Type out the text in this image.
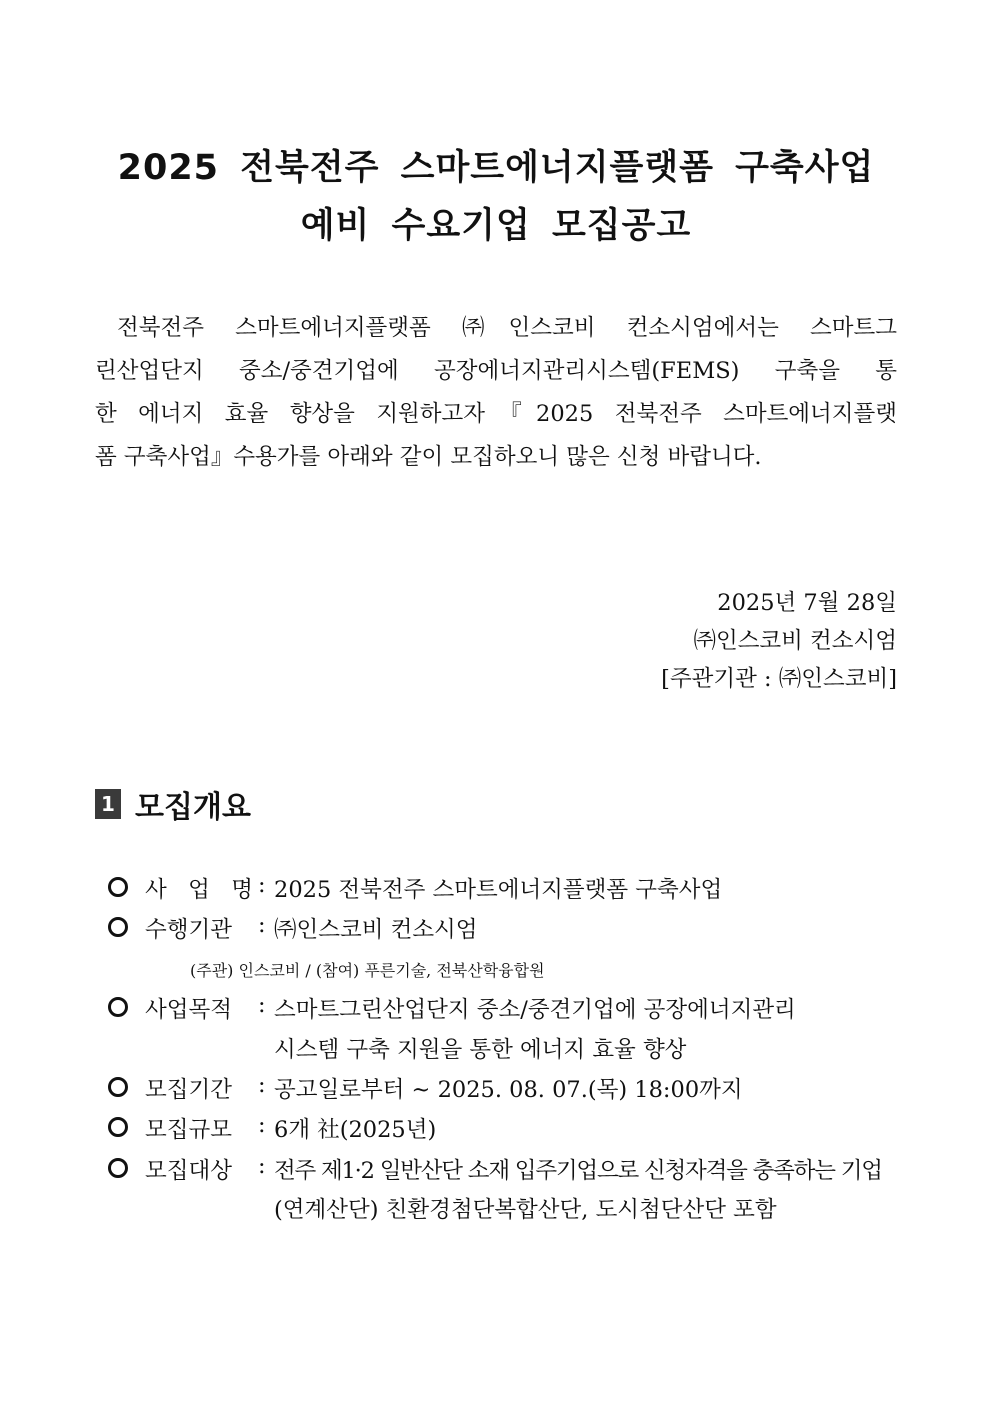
2025 전북전주 스마트에너지플랫폼 구축사업
예비 수요기업 모집공고
전북전주 스마트에너지플랫폼 ㈜인스코비 컨소시엄에서는 스마트그
린산업단지 중소/중견기업에 공장에너지관리시스템(FEMS) 구축을 통
한 에너지 효율 향상을 지원하고자『2025 전북전주 스마트에너지플랫
폼 구축사업』수용가를 아래와 같이 모집하오니 많은 신청 바랍니다.
2025년 7월 28일
㈜인스코비 컨소시엄
[주관기관 : ㈜인스코비]
1 모집개요
사 업 명 : 2025 전북전주 스마트에너지플랫폼 구축사업
수행기관	: ㈜인스코비 컨소시엄
(주관) 인스코비 / (참여) 푸른기술, 전북산학융합원
사업목적	: 스마트그린산업단지 중소/중견기업에 공장에너지관리
시스템 구축 지원을 통한 에너지 효율 향상
모집기간	: 공고일로부터 ~ 2025. 08. 07.(목) 18:00까지
모집규모	: 6개 社(2025년)
모집대상	: 전주 제1·2 일반산단 소재 입주기업으로 신청자격을 충족하는 기업
(연계산단) 친환경첨단복합산단, 도시첨단산단 포함
